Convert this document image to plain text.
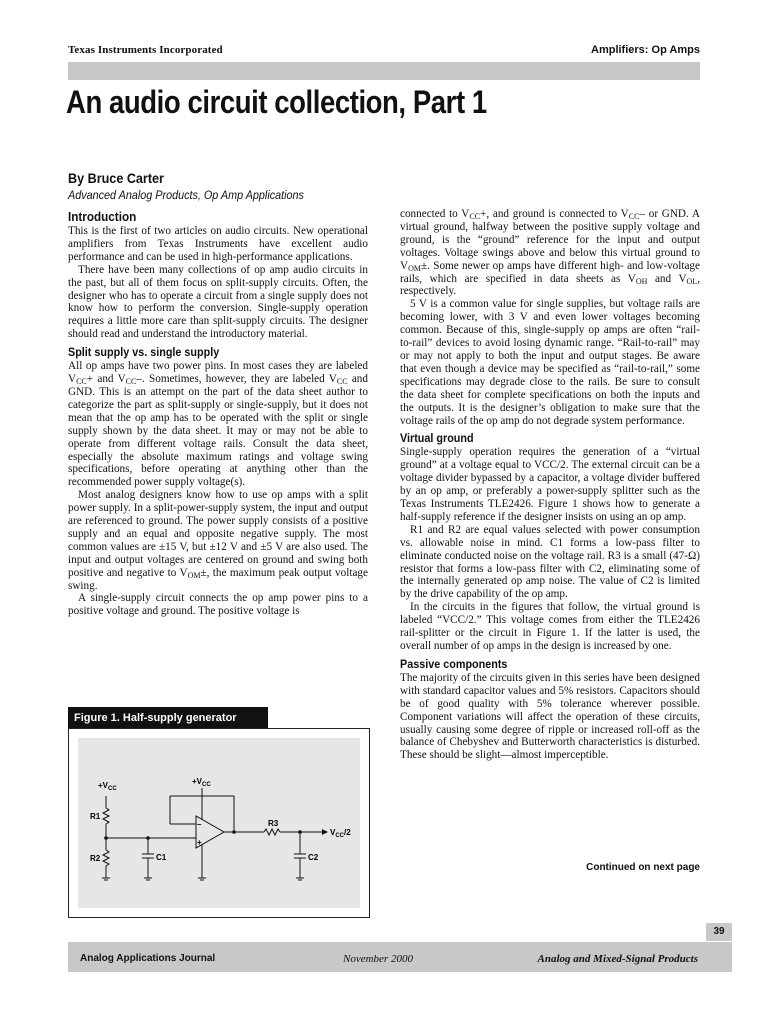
Texas Instruments Incorporated	Amplifiers: Op Amps
An audio circuit collection, Part 1
By Bruce Carter
Advanced Analog Products, Op Amp Applications
Introduction

This is the first of two articles on audio circuits. New operational amplifiers from Texas Instruments have excellent audio performance and can be used in high-performance applications.

There have been many collections of op amp audio circuits in the past, but all of them focus on split-supply circuits. Often, the designer who has to operate a circuit from a single supply does not know how to perform the conversion. Single-supply operation requires a little more care than split-supply circuits. The designer should read and understand the introductory material.

Split supply vs. single supply

All op amps have two power pins. In most cases they are labeled $V_{CC}+$ and $V_{CC}-$. Sometimes, however, they are labeled $V_{CC}$ and GND. This is an attempt on the part of the data sheet author to categorize the part as split-supply or single-supply, but it does not mean that the op amp has to be operated with the split or single supply shown by the data sheet. It may or may not be able to operate from different voltage rails. Consult the data sheet, especially the absolute maximum ratings and voltage swing specifications, before operating at anything other than the recommended power supply voltage(s).

Most analog designers know how to use op amps with a split power supply. In a split-power-supply system, the input and output are referenced to ground. The power supply consists of a positive supply and an equal and opposite negative supply. The most common values are ±15 V, but ±12 V and ±5 V are also used. The input and output voltages are centered on ground and swing both positive and negative to $V_{OM}\pm$, the maximum peak output voltage swing.

A single-supply circuit connects the op amp power pins to a positive voltage and ground. The positive voltage is

connected to $V_{CC}+$, and ground is connected to $V_{CC}-$ or GND. A virtual ground, halfway between the positive supply voltage and ground, is the “ground” reference for the input and output voltages. Voltage swings above and below this virtual ground to $V_{OM}\pm$. Some newer op amps have different high- and low-voltage rails, which are specified in data sheets as $V_{OH}$ and $V_{OL}$, respectively.

5 V is a common value for single supplies, but voltage rails are becoming lower, with 3 V and even lower voltages becoming common. Because of this, single-supply op amps are often “rail-to-rail” devices to avoid losing dynamic range. “Rail-to-rail” may or may not apply to both the input and output stages. Be aware that even though a device may be specified as “rail-to-rail,” some specifications may degrade close to the rails. Be sure to consult the data sheet for complete specifications on both the inputs and the outputs. It is the designer’s obligation to make sure that the voltage rails of the op amp do not degrade system performance.

Virtual ground

Single-supply operation requires the generation of a “virtual ground” at a voltage equal to VCC/2. The external circuit can be a voltage divider bypassed by a capacitor, a voltage divider buffered by an op amp, or preferably a power-supply splitter such as the Texas Instruments TLE2426. Figure 1 shows how to generate a half-supply reference if the designer insists on using an op amp.

R1 and R2 are equal values selected with power consumption vs. allowable noise in mind. C1 forms a low-pass filter to eliminate conducted noise on the voltage rail. R3 is a small (47-Ω) resistor that forms a low-pass filter with C2, eliminating some of the internally generated op amp noise. The value of C2 is limited by the drive capability of the op amp.

In the circuits in the figures that follow, the virtual ground is labeled “VCC/2.” This voltage comes from either the TLE2426 rail-splitter or the circuit in Figure 1. If the latter is used, the overall number of op amps in the design is increased by one.

Passive components

The majority of the circuits given in this series have been designed with standard capacitor values and 5% resistors. Capacitors should be of good quality with 5% tolerance wherever possible. Component variations will affect the operation of these circuits, usually causing some degree of ripple or increased roll-off as the balance of Chebyshev and Butterworth characteristics is disturbed. These should be slight—almost imperceptible.

Continued on next page
Figure 1. Half-supply generator
$+V_{CC}$
$+V_{CC}$
R1
R2	C1
R3
C2
–
+
$V_{CC}/2$
39
Analog Applications Journal	November 2000	Analog and Mixed-Signal Products
